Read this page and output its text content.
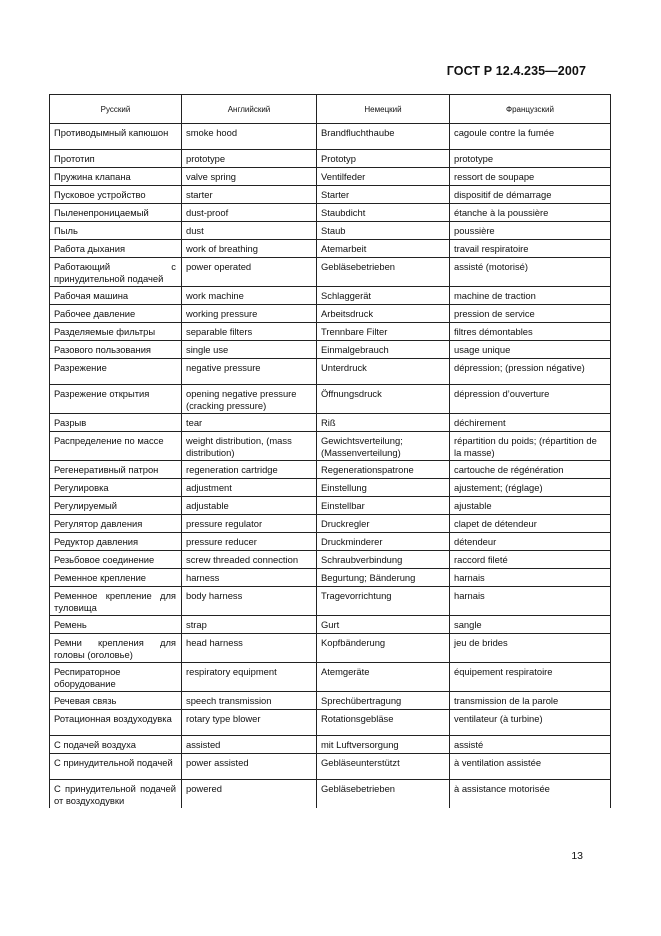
ГОСТ Р 12.4.235—2007
Русский	Английский	Немецкий	Французский
Противодымный капюшон	smoke hood	Brandfluchthaube	cagoule contre la fumée
Прототип	prototype	Prototyp	prototype
Пружина клапана	valve spring	Ventilfeder	ressort de soupape
Пусковое устройство	starter	Starter	dispositif de démarrage
Пыленепроницаемый	dust-proof	Staubdicht	étanche à la poussière
Пыль	dust	Staub	poussière
Работа дыхания	work of breathing	Atemarbeit	travail respiratoire
Работающий с принудительной подачей	power operated	Gebläsebetrieben	assisté (motorisé)
Рабочая машина	work machine	Schlaggerät	machine de traction
Рабочее давление	working pressure	Arbeitsdruck	pression de service
Разделяемые фильтры	separable filters	Trennbare Filter	filtres démontables
Разового пользования	single use	Einmalgebrauch	usage unique
Разрежение	negative pressure	Unterdruck	dépression; (pression négative)
Разрежение открытия	opening negative pressure (cracking pressure)	Öffnungsdruck	dépression d’ouverture
Разрыв	tear	Riß	déchirement
Распределение по массе	weight distribution, (mass distribution)	Gewichtsverteilung; (Massenverteilung)	répartition du poids; (répartition de la masse)
Регенеративный патрон	regeneration cartridge	Regenerationspatrone	cartouche de régénération
Регулировка	adjustment	Einstellung	ajustement; (réglage)
Регулируемый	adjustable	Einstellbar	ajustable
Регулятор давления	pressure regulator	Druckregler	clapet de détendeur
Редуктор давления	pressure reducer	Druckminderer	détendeur
Резьбовое соединение	screw threaded connection	Schraubverbindung	raccord fileté
Ременное крепление	harness	Begurtung; Bänderung	harnais
Ременное крепление для туловища	body harness	Tragevorrichtung	harnais
Ремень	strap	Gurt	sangle
Ремни крепления для головы (оголовье)	head harness	Kopfbänderung	jeu de brides
Респираторное оборудование	respiratory equipment	Atemgeräte	équipement respiratoire
Речевая связь	speech transmission	Sprechübertragung	transmission de la parole
Ротационная воздуходувка	rotary type blower	Rotationsgebläse	ventilateur (à turbine)
С подачей воздуха	assisted	mit Luftversorgung	assisté
С принудительной подачей	power assisted	Gebläseunterstützt	à ventilation assistée
С принудительной подачей от воздуходувки	powered	Gebläsebetrieben	à assistance motorisée
13
